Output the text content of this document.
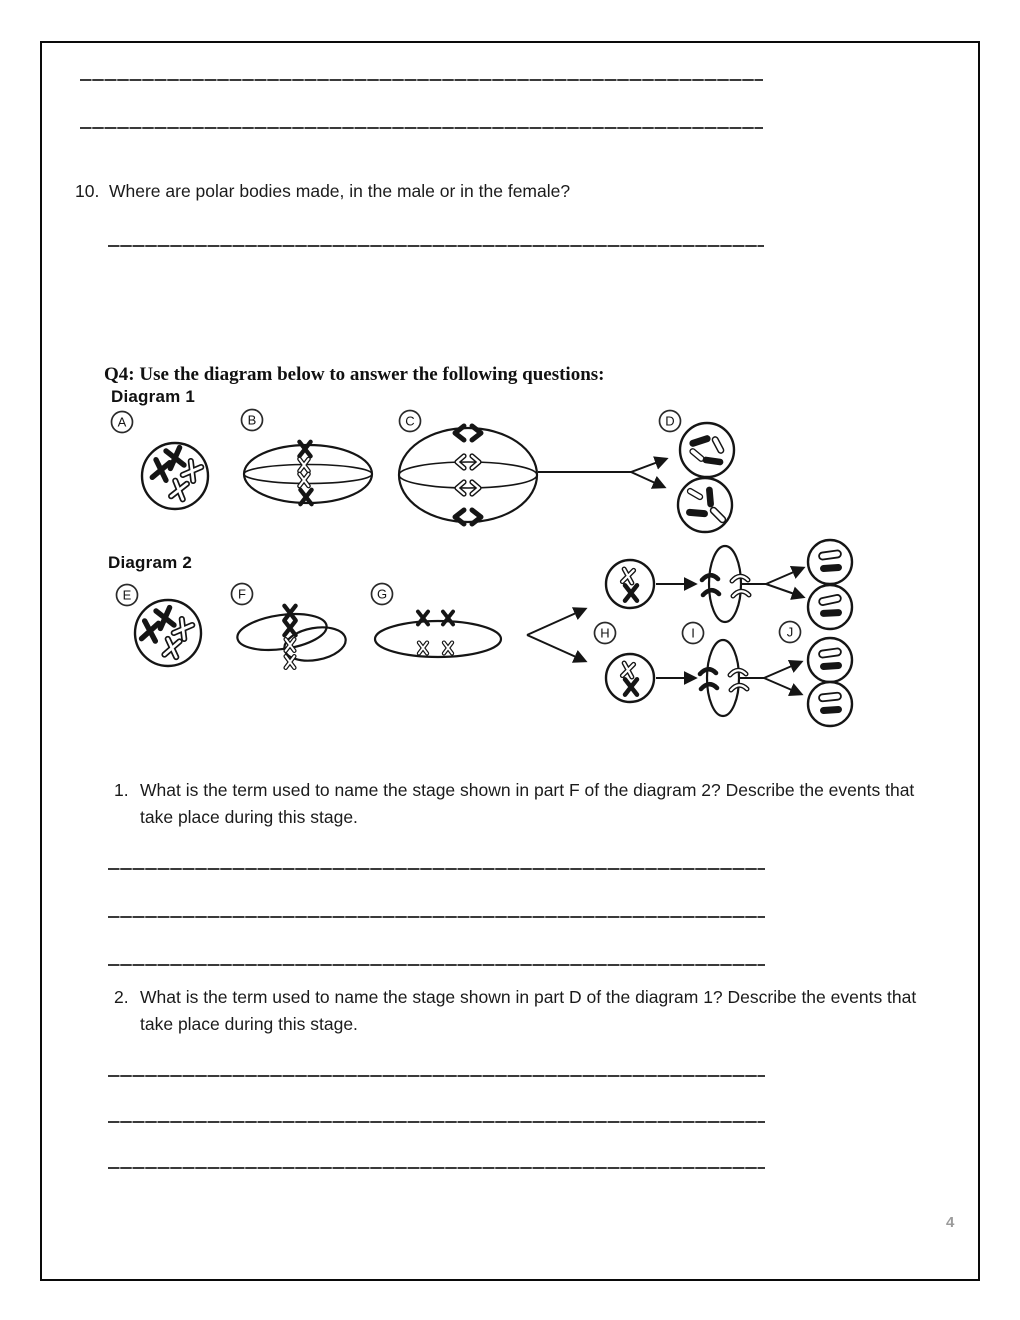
10. Where are polar bodies made, in the male or in the female?
Q4: Use the diagram below to answer the following questions:
Diagram 1
Diagram 2
A	B	C	D
E	F	G
H	I	J
1. What is the term used to name the stage shown in part F of the diagram 2? Describe the events that take place during this stage.
2. What is the term used to name the stage shown in part D of the diagram 1? Describe the events that take place during this stage.
4
